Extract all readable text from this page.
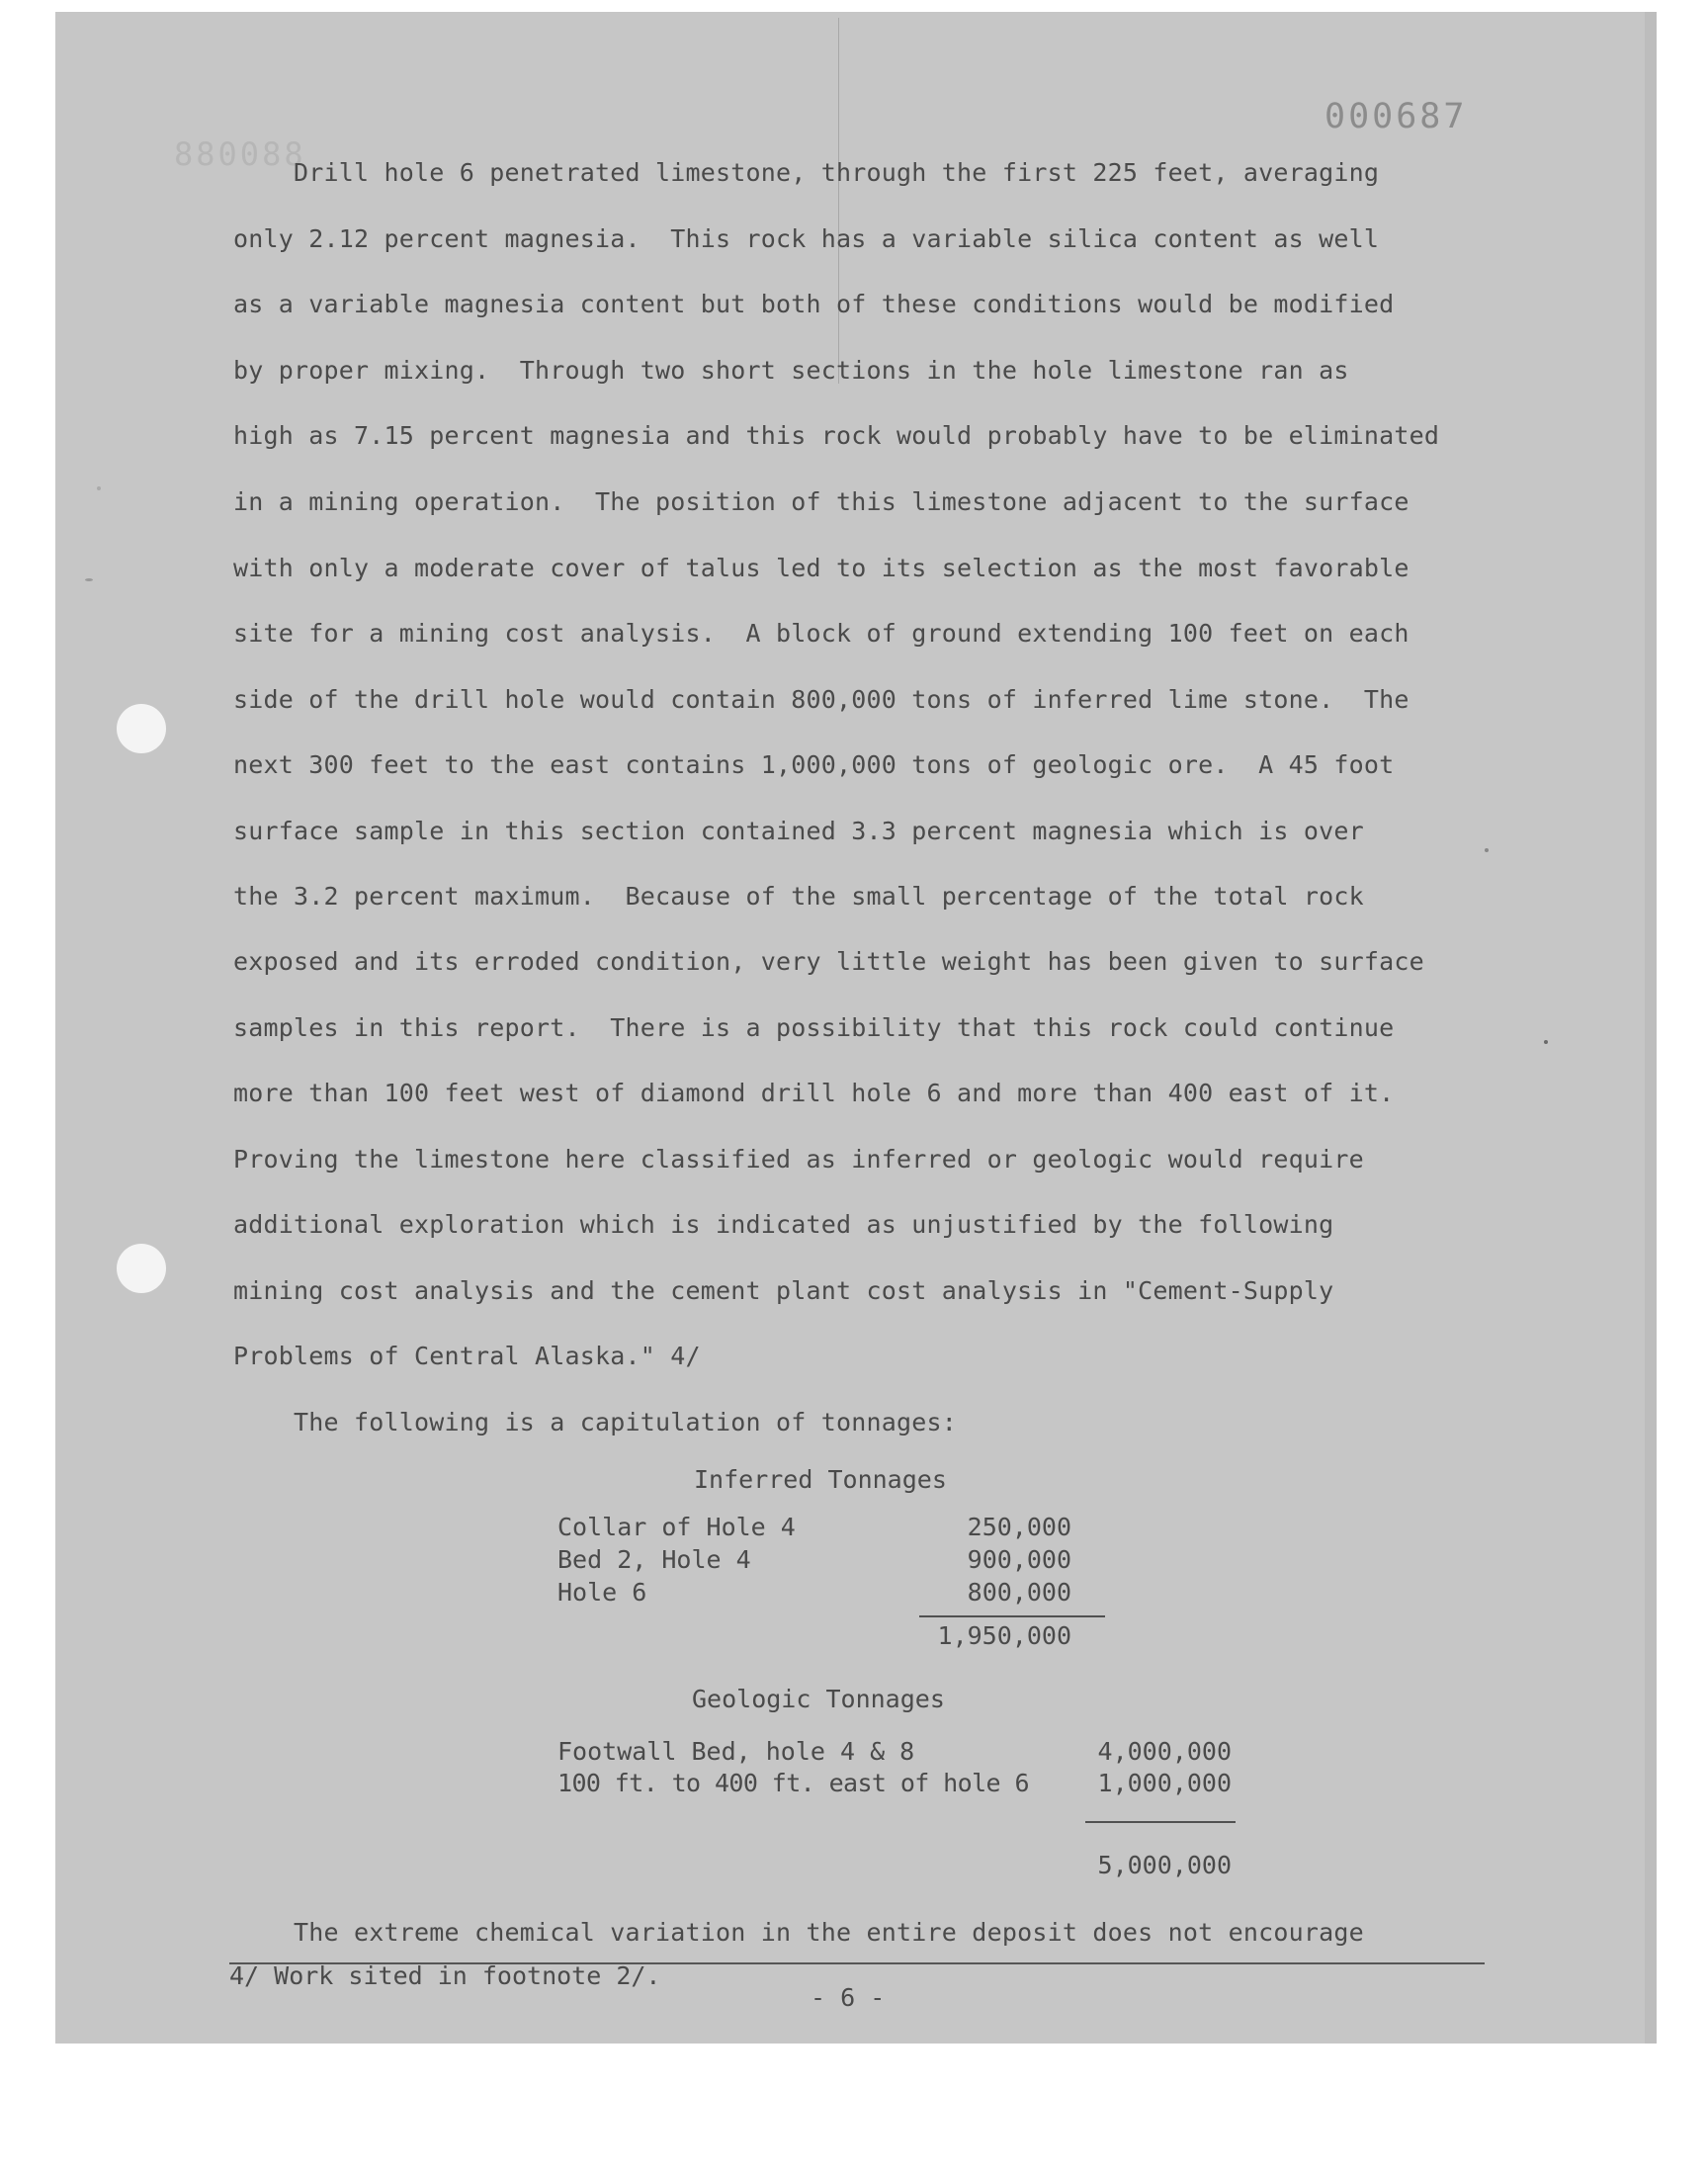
000687
880088
Drill hole 6 penetrated limestone, through the first 225 feet, averaging
only 2.12 percent magnesia.  This rock has a variable silica content as well
as a variable magnesia content but both of these conditions would be modified
by proper mixing.  Through two short sections in the hole limestone ran as
high as 7.15 percent magnesia and this rock would probably have to be eliminated
in a mining operation.  The position of this limestone adjacent to the surface
with only a moderate cover of talus led to its selection as the most favorable
site for a mining cost analysis.  A block of ground extending 100 feet on each
side of the drill hole would contain 800,000 tons of inferred lime stone.  The
next 300 feet to the east contains 1,000,000 tons of geologic ore.  A 45 foot
surface sample in this section contained 3.3 percent magnesia which is over
the 3.2 percent maximum.  Because of the small percentage of the total rock
exposed and its erroded condition, very little weight has been given to surface
samples in this report.  There is a possibility that this rock could continue
more than 100 feet west of diamond drill hole 6 and more than 400 east of it.
Proving the limestone here classified as inferred or geologic would require
additional exploration which is indicated as unjustified by the following
mining cost analysis and the cement plant cost analysis in "Cement-Supply
Problems of Central Alaska." 4/
The following is a capitulation of tonnages:
Inferred Tonnages
Collar of Hole 4	250,000
Bed 2, Hole 4	900,000
Hole 6	800,000
1,950,000
Geologic Tonnages
Footwall Bed, hole 4 & 8	4,000,000
100 ft. to 400 ft. east of hole 6	1,000,000
5,000,000
The extreme chemical variation in the entire deposit does not encourage
4/ Work sited in footnote 2/.
- 6 -
